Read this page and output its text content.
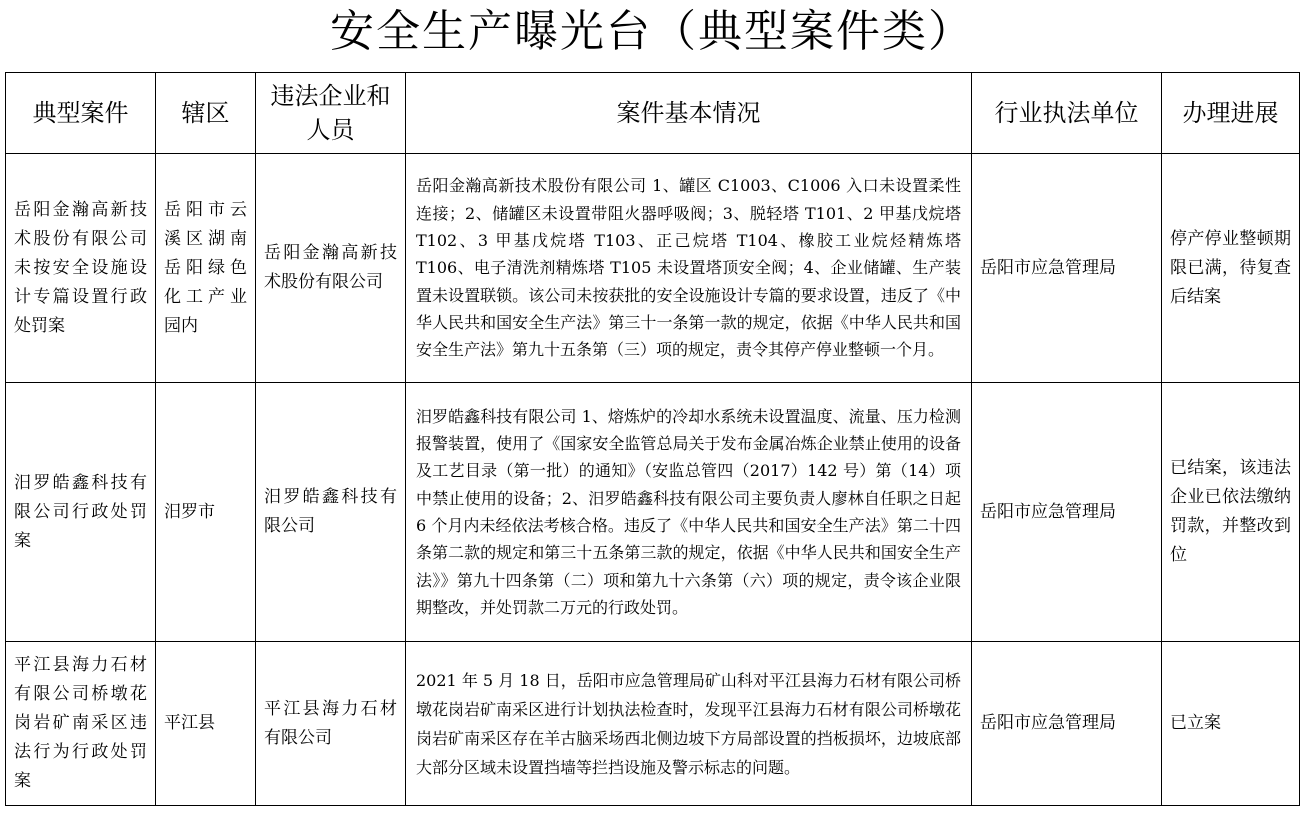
安全生产曝光台（典型案件类）
典型案件	辖区	违法企业和人员	案件基本情况	行业执法单位	办理进展
岳阳金瀚高新技术股份有限公司未按安全设施设计专篇设置行政处罚案	岳阳市云溪区湖南岳阳绿色化工产业园内	岳阳金瀚高新技术股份有限公司	岳阳金瀚高新技术股份有限公司 1、罐区 C1003、C1006 入口未设置柔性连接；2、储罐区未设置带阻火器呼吸阀；3、脱轻塔 T101、2 甲基戊烷塔 T102、3 甲基戊烷塔 T103、正己烷塔 T104、橡胶工业烷烃精炼塔 T106、电子清洗剂精炼塔 T105 未设置塔顶安全阀；4、企业储罐、生产装置未设置联锁。该公司未按获批的安全设施设计专篇的要求设置，违反了《中华人民共和国安全生产法》第三十一条第一款的规定，依据《中华人民共和国安全生产法》第九十五条第（三）项的规定，责令其停产停业整顿一个月。	岳阳市应急管理局	停产停业整顿期限已满，待复查后结案
汨罗皓鑫科技有限公司行政处罚案	汨罗市	汨罗皓鑫科技有限公司	汨罗皓鑫科技有限公司 1、熔炼炉的冷却水系统未设置温度、流量、压力检测报警装置，使用了《国家安全监管总局关于发布金属冶炼企业禁止使用的设备及工艺目录（第一批）的通知》（安监总管四（2017）142 号）第（14）项中禁止使用的设备；2、汨罗皓鑫科技有限公司主要负责人廖林自任职之日起 6 个月内未经依法考核合格。违反了《中华人民共和国安全生产法》第二十四条第二款的规定和第三十五条第三款的规定，依据《中华人民共和国安全生产法》》第九十四条第（二）项和第九十六条第（六）项的规定，责令该企业限期整改，并处罚款二万元的行政处罚。	岳阳市应急管理局	已结案，该违法企业已依法缴纳罚款，并整改到位
平江县海力石材有限公司桥墩花岗岩矿南采区违法行为行政处罚案	平江县	平江县海力石材有限公司	2021 年 5 月 18 日，岳阳市应急管理局矿山科对平江县海力石材有限公司桥墩花岗岩矿南采区进行计划执法检查时，发现平江县海力石材有限公司桥墩花岗岩矿南采区存在羊古脑采场西北侧边坡下方局部设置的挡板损坏，边坡底部大部分区域未设置挡墙等拦挡设施及警示标志的问题。	岳阳市应急管理局	已立案
